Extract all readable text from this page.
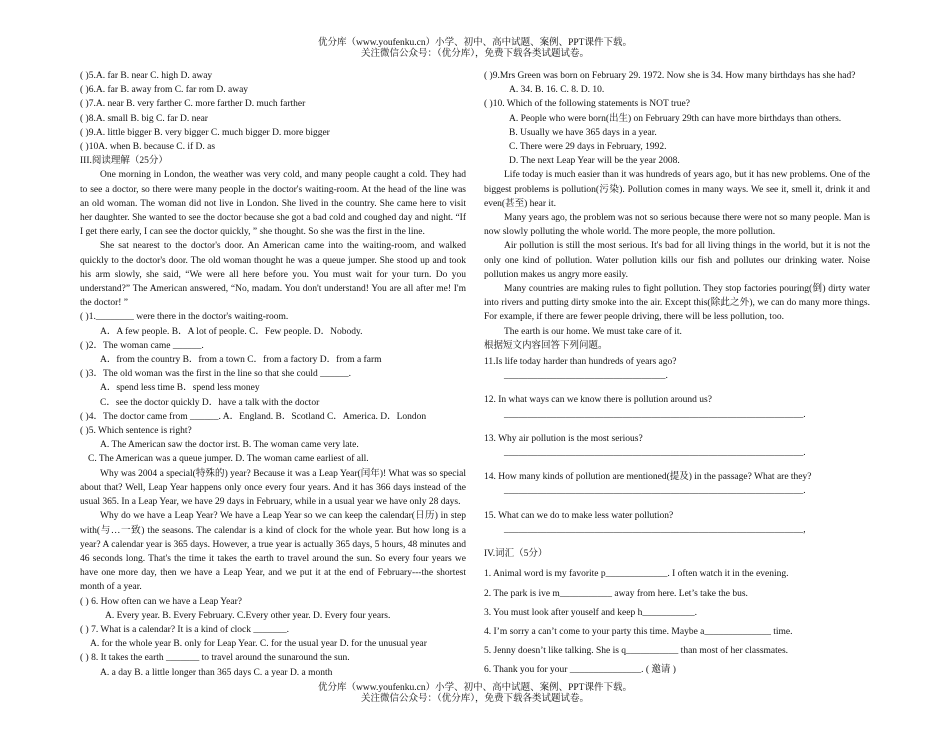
优分库（www.youfenku.cn）小学、初中、高中试题、案例、PPT课件下载。
关注微信公众号：（优分库），免费下载各类试题试卷。
( )5.A. far B. near C. high D. away
( )6.A. far B. away from C. far rom D. away
( )7.A. near B. very farther C. more farther D. much farther
( )8.A. small B. big C. far D. near
( )9.A. little bigger B. very bigger C. much bigger D. more bigger
( )10A. when B. because C. if D. as
III.阅读理解（25分）
One morning in London, the weather was very cold, and many people caught a cold. They had to see a doctor, so there were many people in the doctor's waiting-room. At the head of the line was an old woman. The woman did not live in London. She lived in the country. She came here to visit her daughter. She wanted to see the doctor because she got a bad cold and coughed day and night. “If I get there early, I can see the doctor quickly, ” she thought. So she was the first in the line.
She sat nearest to the doctor's door. An American came into the waiting-room, and walked quickly to the doctor's door. The old woman thought he was a queue jumper. She stood up and took his arm slowly, she said, “We were all here before you. You must wait for your turn. Do you understand?” The American answered, “No, madam. You don't understand! You are all after me! I'm the doctor! ”
( )1.________ were there in the doctor's waiting-room.
A．A few people. B．A lot of people. C．Few people. D．Nobody.
( )2．The woman came ______.
A．from the country B．from a town C．from a factory D．from a farm
( )3．The old woman was the first in the line so that she could ______.
A．spend less time B．spend less money
C．see the doctor quickly D．have a talk with the doctor
( )4．The doctor came from ______. A．England. B．Scotland C．America. D．London
( )5. Which sentence is right?
A. The American saw the doctor irst. B. The woman came very late.
C. The American was a queue jumper. D. The woman came earliest of all.
Why was 2004 a special(特殊的) year? Because it was a Leap Year(闰年)! What was so special about that? Well, Leap Year happens only once every four years. And it has 366 days instead of the usual 365. In a Leap Year, we have 29 days in February, while in a usual year we have only 28 days.
Why do we have a Leap Year? We have a Leap Year so we can keep the calendar(日历) in step with(与…一致) the seasons. The calendar is a kind of clock for the whole year. But how long is a year? A calendar year is 365 days. However, a true year is actually 365 days, 5 hours, 48 minutes and 46 seconds long. That's the time it takes the earth to travel around the sun. So every four years we have one more day, then we have a Leap Year, and we put it at the end of February---the shortest month of a year.
( ) 6. How often can we have a Leap Year?
A. Every year. B. Every February. C.Every other year. D. Every four years.
( ) 7. What is a calendar? It is a kind of clock _______.
A. for the whole year B. only for Leap Year. C. for the usual year D. for the unusual year
( ) 8. It takes the earth _______ to travel around the sunaround the sun.
A. a day B. a little longer than 365 days C. a year D. a month
( )9.Mrs Green was born on February 29. 1972. Now she is 34. How many birthdays has she had?
A. 34. B. 16. C. 8. D. 10.
( )10. Which of the following statements is NOT true?
A. People who were born(出生) on February 29th can have more birthdays than others.
B. Usually we have 365 days in a year.
C. There were 29 days in February, 1992.
D. The next Leap Year will be the year 2008.
Life today is much easier than it was hundreds of years ago, but it has new problems. One of the biggest problems is pollution(污染). Pollution comes in many ways. We see it, smell it, drink it and even(甚至) hear it.
Many years ago, the problem was not so serious because there were not so many people. Man is now slowly polluting the whole world. The more people, the more pollution.
Air pollution is still the most serious. It's bad for all living things in the world, but it is not the only one kind of pollution. Water pollution kills our fish and pollutes our drinking water. Noise pollution makes us angry more easily.
Many countries are making rules to fight pollution. They stop factories pouring(倒) dirty water into rivers and putting dirty smoke into the air. Except this(除此之外), we can do many more things. For example, if there are fewer people driving, there will be less pollution, too.
The earth is our home. We must take care of it.
根据短文内容回答下列问题。
11.Is life today harder than hundreds of years ago?
__________________________________.
12. In what ways can we know there is pollution around us?
_______________________________________________________________.
13. Why air pollution is the most serious?
_______________________________________________________________.
14. How many kinds of pollution are mentioned(提及) in the passage? What are they?
_______________________________________________________________.
15. What can we do to make less water pollution?
_______________________________________________________________,
IV.词汇（5分）
1. Animal word is my favorite p_____________. I often watch it in the evening.
2. The park is ive m___________ away from here. Let’s take the bus.
3. You must look after youself and keep h___________.
4. I’m sorry a can’t come to your party this time. Maybe a______________ time.
5. Jenny doesn’t like talking. She is q___________ than most of her classmates.
6. Thank you for your _______________. ( 邀请 )
优分库（www.youfenku.cn）小学、初中、高中试题、案例、PPT课件下载。
关注微信公众号：（优分库），免费下载各类试题试卷。
